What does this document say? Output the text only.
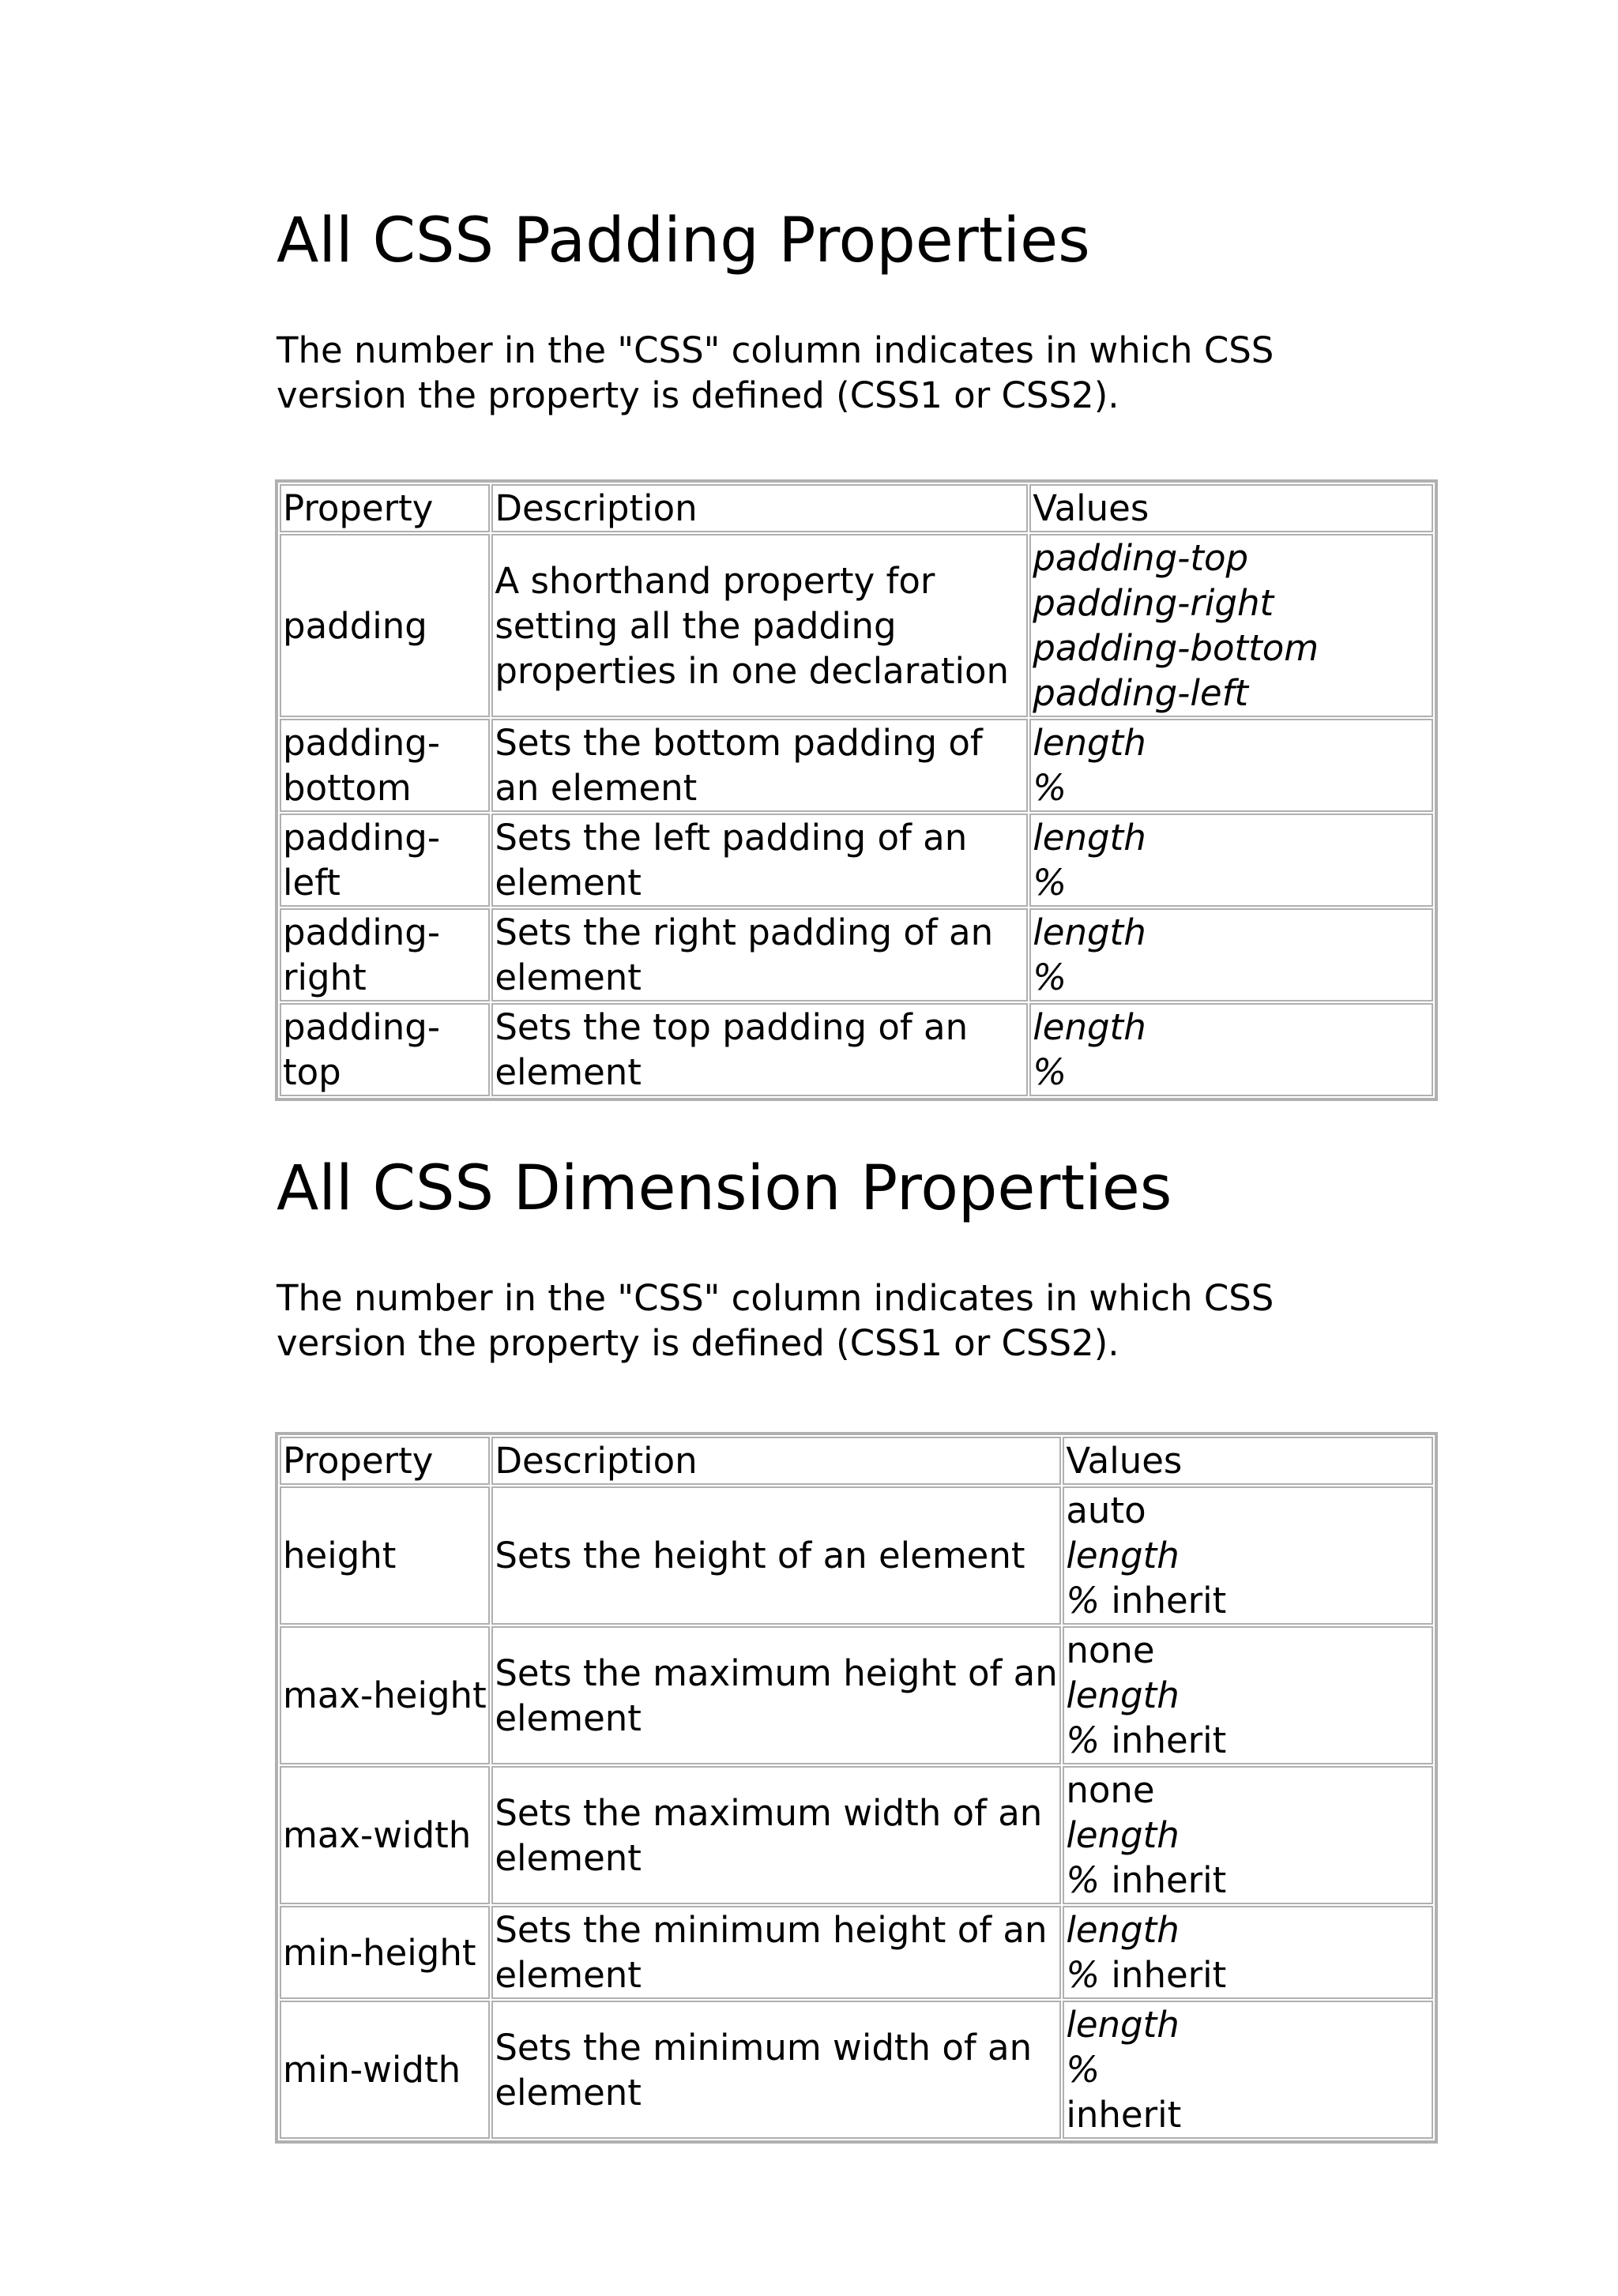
All CSS Padding Properties

The number in the "CSS" column indicates in which CSS version the property is defined (CSS1 or CSS2).

Property	Description	Values
padding	A shorthand property for setting all the padding properties in one declaration	padding-top
padding-right
padding-bottom
padding-left

padding-bottom	Sets the bottom padding of an element	length
%

padding-left	Sets the left padding of an element	length
%

padding-right	Sets the right padding of an element	length
%

padding-top	Sets the top padding of an element	length
%
All CSS Dimension Properties

The number in the "CSS" column indicates in which CSS version the property is defined (CSS1 or CSS2).

Property	Description	Values
height	Sets the height of an element	auto
length
% inherit

max-height	Sets the maximum height of an element	none
length
% inherit

max-width	Sets the maximum width of an element	none
length
% inherit

min-height	Sets the minimum height of an element	length
% inherit

min-width	Sets the minimum width of an element	length
%
inherit
